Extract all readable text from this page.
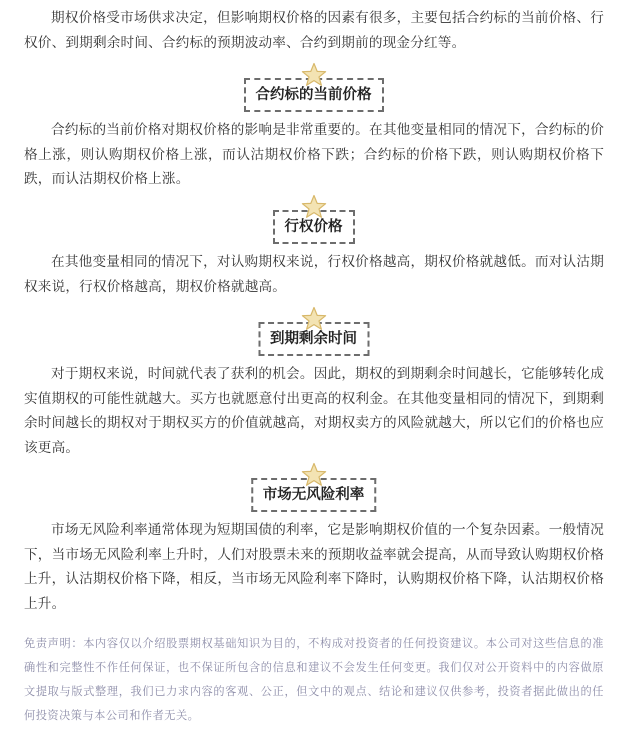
期权价格受市场供求决定，但影响期权价格的因素有很多，主要包括合约标的当前价格、行权价、到期剩余时间、合约标的预期波动率、合约到期前的现金分红等。

合约标的当前价格

合约标的当前价格对期权价格的影响是非常重要的。在其他变量相同的情况下，合约标的价格上涨，则认购期权价格上涨，而认沽期权价格下跌；合约标的价格下跌，则认购期权价格下跌，而认沽期权价格上涨。

行权价格

在其他变量相同的情况下，对认购期权来说，行权价格越高，期权价格就越低。而对认沽期权来说，行权价格越高，期权价格就越高。

到期剩余时间

对于期权来说，时间就代表了获利的机会。因此，期权的到期剩余时间越长，它能够转化成实值期权的可能性就越大。买方也就愿意付出更高的权利金。在其他变量相同的情况下，到期剩余时间越长的期权对于期权买方的价值就越高，对期权卖方的风险就越大，所以它们的价格也应该更高。

市场无风险利率

市场无风险利率通常体现为短期国债的利率，它是影响期权价值的一个复杂因素。一般情况下，当市场无风险利率上升时，人们对股票未来的预期收益率就会提高，从而导致认购期权价格上升，认沽期权价格下降，相反，当市场无风险利率下降时，认购期权价格下降，认沽期权价格上升。

免责声明：本内容仅以介绍股票期权基础知识为目的，不构成对投资者的任何投资建议。本公司对这些信息的准确性和完整性不作任何保证，也不保证所包含的信息和建议不会发生任何变更。我们仅对公开资料中的内容做原文提取与版式整理，我们已力求内容的客观、公正，但文中的观点、结论和建议仅供参考，投资者据此做出的任何投资决策与本公司和作者无关。
